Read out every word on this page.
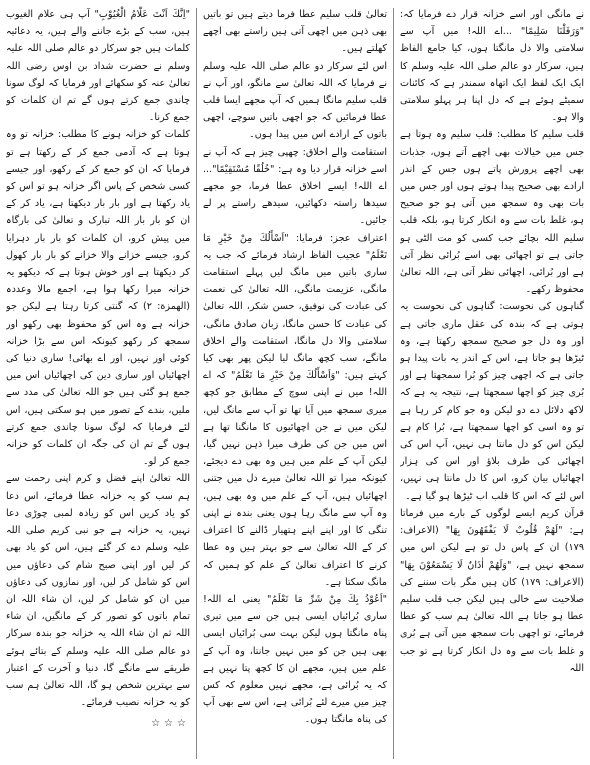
نے مانگی اور اسے خزانہ قرار دے فرمایا کہ: "وَرَفَلْنَا سَلِیمًا" ...اے اللہ! میں آپ سے سلامتی والا دل مانگتا ہوں، کیا جامع الفاظ ہیں، سرکار دو عالم صلی اللہ علیہ وسلم کا ایک ایک لفظ ایک اتھاہ سمندر ہے کہ کائنات سمیٹے ہوئے ہے کہ دل اپنا ہر پہلو سلامتی والا ہو۔

قلب سلیم کا مطلب: قلب سلیم وہ ہوتا ہے جس میں خیالات بھی اچھے آتے ہوں، جذبات بھی اچھے پرورش پاتے ہوں جس کے اندر ارادے بھی صحیح پیدا ہوتے ہوں اور جس میں بات بھی وہ سمجھ میں آتی ہو جو صحیح ہو، غلط بات سے وہ انکار کرتا ہو، بلکہ قلب سلیم اللہ بچائے جب کسی کو مت الٹی ہو جاتی ہے تو اچھائی بھی اسے بُرائی نظر آتی ہے اور بُرائی، اچھائی نظر آتی ہے، اللہ تعالیٰ محفوظ رکھے۔

گناہوں کی نحوست: گناہوں کی نحوست یہ ہوتی ہے کہ بندہ کی عقل ماری جاتی ہے اور وہ دل جو صحیح سمجھ رکھتا ہے، وہ ٹیڑھا ہو جاتا ہے، اس کے اندر یہ بات پیدا ہو جاتی ہے کہ اچھی چیز کو بُرا سمجھتا ہے اور بُری چیز کو اچھا سمجھتا ہے، نتیجہ یہ ہے کہ لاکھ دلائل دے دو لیکن وہ جو کام کر رہا ہے تو وہ اسی کو اچھا سمجھتا ہے، بُرا کام ہے لیکن اس کو دل مانتا ہی نہیں، آپ اس کی اچھائی کی طرف بلاؤ اور اس کی ہزار اچھائیاں بیان کرو، اس کا دل مانتا ہی نہیں، اس لئے کہ اس کا قلب اب ٹیڑھا ہو گیا ہے۔

قرآن کریم ایسے لوگوں کے بارے میں فرماتا ہے: "لَهُمْ قُلُوبٌ لَا يَفْقَهُونَ بِهَا" (الاعراف: ۱۷۹) ان کے پاس دل تو ہے لیکن اس میں سمجھ نہیں ہے، "وَلَهُمْ اٰذَانٌ لَا يَسْمَعُوْنَ بِهَا" (الاعراف: ۱۷۹) کان ہیں مگر بات سننے کی صلاحیت سے خالی ہیں لیکن جب قلب سلیم عطا ہو جاتا ہے اللہ تعالیٰ ہم سب کو عطا فرمائے، تو اچھی بات سمجھ میں آتی ہے بُری و غلط بات سے وہ دل انکار کرتا ہے تو جب اللہ

تعالیٰ قلب سلیم عطا فرما دیتے ہیں تو باتیں بھی ذہن میں اچھی آتی ہیں راستے بھی اچھے کھلتے ہیں۔

اس لئے سرکار دو عالم صلی اللہ علیہ وسلم نے فرمایا کہ اللہ تعالیٰ سے مانگو، اور آپ نے قلب سلیم مانگا ہمیں کہ آپ مجھے ایسا قلب عطا فرمائیں کہ جو اچھی باتیں سوچے، اچھی باتوں کے ارادے اس میں پیدا ہوں۔

استقامت والے اخلاق: چھپی چیز ہے کہ آپ نے اسے خزانہ قرار دیا وہ ہے: "خُلُقًا مُسْتَقِيْمًا"... اے اللہ! ایسے اخلاق عطا فرما، جو مجھے سیدھا راستہ دکھائیں، سیدھے راستے پر لے جائیں۔

اعتراف عجز: فرمایا: "اَسْأَلُكَ مِنْ خَيْرِ مَا تَعْلَمُ" عجیب الفاظ ارشاد فرمائے کہ جب یہ ساری باتیں میں مانگ لیں پہلے استقامت مانگی، عزیمت مانگی، اللہ تعالیٰ کی نعمت کی عبادت کی نوفیق، حسن شکر، اللہ تعالیٰ کی عبادت کا حسن مانگا، زبان صادق مانگی، سلامتی والا دل مانگا، استقامت والے اخلاق مانگے، سب کچھ مانگ لیا لیکن پھر بھی کیا کہتے ہیں: "وَاَسْأَلُكَ مِنْ خَيْرِ مَا تَعْلَمُ" کہ اے اللہ! میں نے اپنی سوچ کے مطابق جو کچھ میری سمجھ میں آیا تھا تو آپ سے مانگ لیں، لیکن میں نے جن اچھائیوں کا مانگنا تھا ہے اس میں جن کی طرف میرا ذہن نہیں گیا، لیکن آپ کے علم میں ہیں وہ بھی دے دیجئے، کیونکہ میرا تو اللہ تعالیٰ میرے دل میں جتنی اچھائیاں ہیں، آپ کے علم میں وہ بھی ہیں، وہ آپ سے مانگ رہا ہوں یعنی بندہ نے اپنی تنگی کا اور اپنے اپنے ہتھیار ڈالنے کا اعتراف کر کے اللہ تعالیٰ سے جو بہتر ہیں وہ عطا کرنے کا اعتراف تعالیٰ کے علم کو ہمیں کہ مانگ سکتا ہے۔

"اَعُوْذُ بِكَ مِنْ شَرِّ مَا تَعْلَمُ" یعنی اے اللہ! ساری بُرائیاں ایسی ہیں جن سے میں تیری پناہ مانگتا ہوں لیکن بہت سی بُرائیاں ایسی بھی ہیں جن کو میں نہیں جانتا، وہ آپ کے علم میں ہیں، مجھے ان کا کچھ پتا نہیں ہے کہ یہ بُرائی ہے، مجھے نہیں معلوم کہ کس چیز میں میرے لئے بُرائی ہے، اس سے بھی آپ کی پناہ مانگتا ہوں۔

"اِنَّكَ اَنْتَ عَلَّامُ الْغُيُوْبِ" آپ ہی علام الغیوب ہیں، سب کے بڑے جاننے والے ہیں، یہ دعائیہ کلمات ہیں جو سرکار دو عالم صلی اللہ علیہ وسلم نے حضرت شداد بن اوس رضی اللہ تعالیٰ عنہ کو سکھائے اور فرمایا کہ لوگ سونا چاندی جمع کرتے ہوں گے تم ان کلمات کو جمع کرنا۔

کلمات کو خزانہ ہونے کا مطلب: خزانہ تو وہ ہوتا ہے کہ آدمی جمع کر کے رکھتا ہے تو فرمایا کہ ان کو جمع کر کے رکھو، اور جیسے کسی شخص کے پاس اگر خزانہ ہو تو اس کو یاد رکھتا ہے اور بار بار دیکھتا ہے، یاد کر کے ان کو بار بار اللہ تبارک و تعالیٰ کی بارگاہ میں پیش کرو، ان کلمات کو بار بار دہرایا کرو، جیسے خزانے والا خزانے کو بار بار کھول کر دیکھتا ہے اور خوش ہوتا ہے کہ دیکھو یہ خزانہ میرا رکھا ہوا ہے، اجمع مالا وعددہ (الھمزة: ۲) کہ گنتی کرتا رہتا ہے لیکن جو خزانہ ہے وہ اس کو محفوظ بھی رکھو اور سمجھ کر رکھو کیونکہ اس سے بڑا خزانہ کوئی اور نہیں، اور اے بھائی! ساری دنیا کی اچھائیاں اور ساری دین کی اچھائیاں اس میں جمع ہو گئی ہیں جو اللہ تعالیٰ کی مدد سے ملیں، بندے کے تصور میں ہو سکتی ہیں، اس لئے فرمایا کہ لوگ سونا چاندی جمع کرتے ہوں گے تم ان کی جگہ ان کلمات کو خزانہ جمع کر لو۔

اللہ تعالیٰ اپنے فضل و کرم اپنی رحمت سے ہم سب کو یہ خزانہ عطا فرمائے، اس دعا کو یاد کریں اس کو زیادہ لمبی چوڑی دعا نہیں، یہ خزانہ ہے جو نبی کریم صلی اللہ علیہ وسلم دے کر گئے ہیں، اس کو یاد بھی کر لیں اور اپنی صبح شام کی دعاؤں میں اس کو شامل کر لیں، اور نمازوں کی دعاؤں میں ان کو شامل کر لیں، ان شاء اللہ ان تمام باتوں کو تصور کر کے مانگیں، ان شاء اللہ ثم ان شاء اللہ یہ خزانہ جو بندہ سرکار دو عالم صلی اللہ علیہ وسلم کے بتائے ہوئے طریقے سے مانگے گا، دنیا و آخرت کے اعتبار سے بہترین شخص ہو گا، اللہ تعالیٰ ہم سب کو یہ خزانہ نصیب فرمائے۔

☆☆☆
